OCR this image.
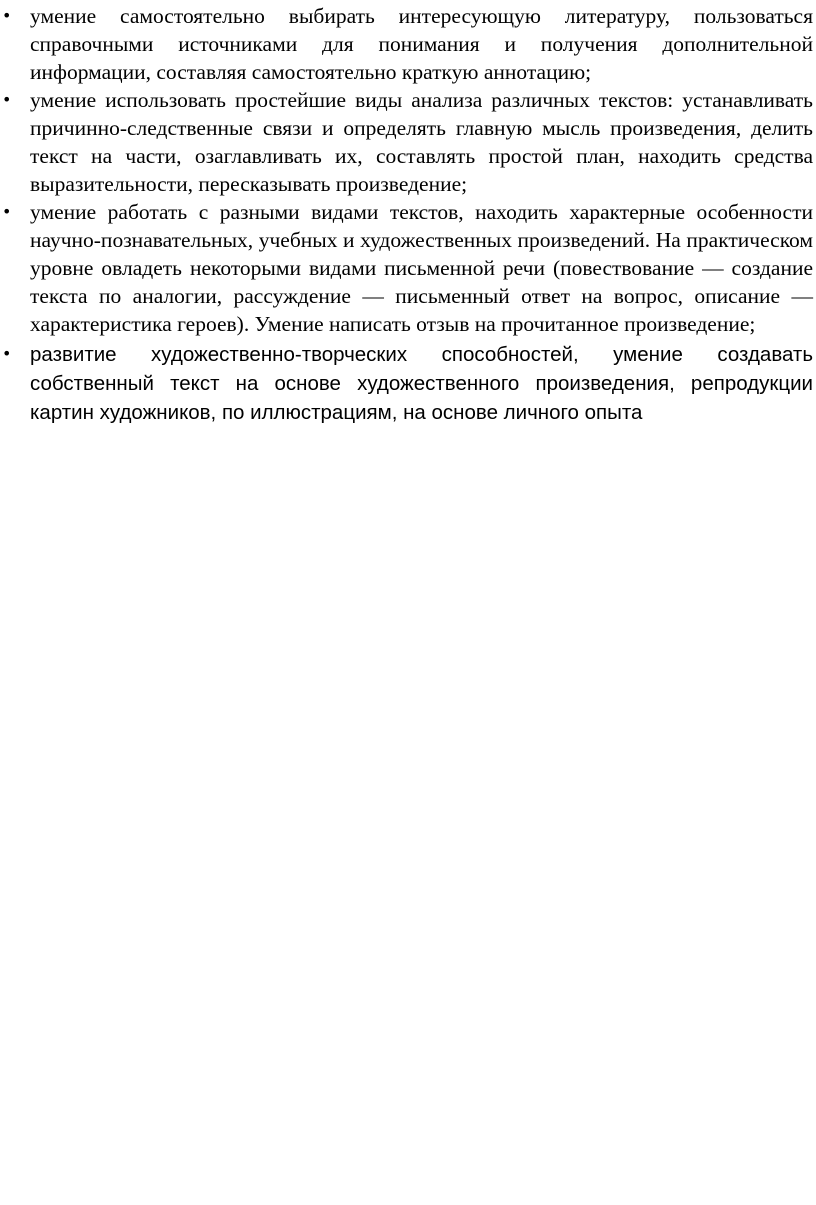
• умение самостоятельно выбирать интересующую литературу, пользоваться справочными источниками для понимания и получения дополнительной информации, составляя самостоятельно краткую аннотацию;
• умение использовать простейшие виды анализа различных текстов: устанавливать причинно-следственные связи и определять главную мысль произведения, делить текст на части, озаглавливать их, составлять простой план, находить средства выразительности, пересказывать произведение;
• умение работать с разными видами текстов, находить характерные особенности научно-познавательных, учебных и художественных произведений. На практическом уровне овладеть некоторыми видами письменной речи (повествование — создание текста по аналогии, рассуждение — письменный ответ на вопрос, описание — характеристика героев). Умение написать отзыв на прочитанное произведение;
• развитие художественно-творческих способностей, умение создавать собственный текст на основе художественного произведения, репродукции картин художников, по иллюстрациям, на основе личного опыта
